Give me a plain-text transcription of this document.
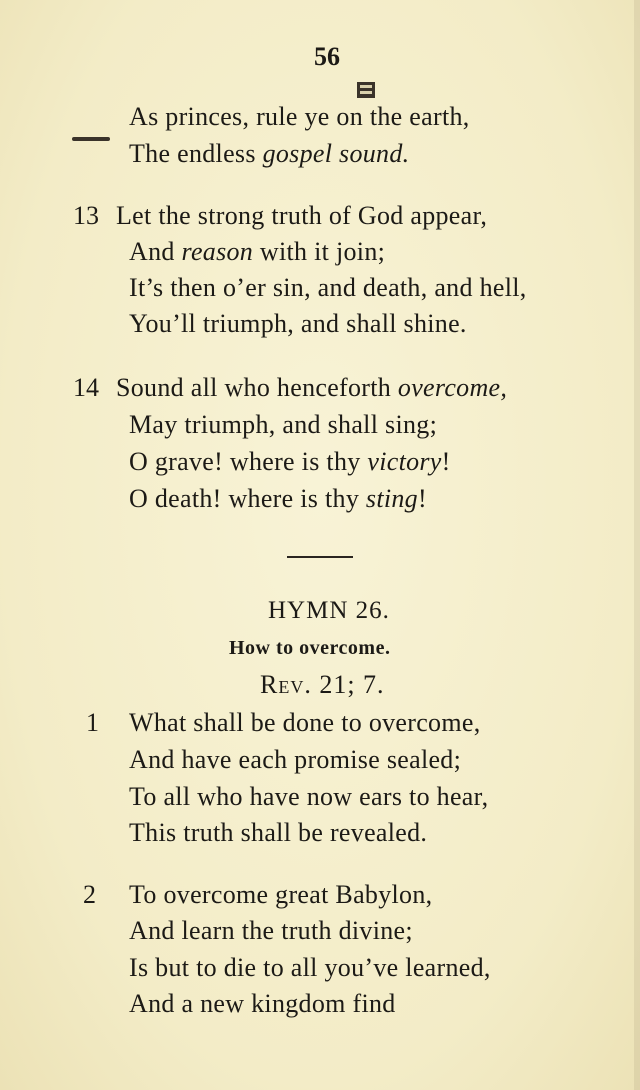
56
As princes, rule ye on the earth,
The endless gospel sound.
13 Let the strong truth of God appear,
And reason with it join;
It’s then o’er sin, and death, and hell,
You’ll triumph, and shall shine.
14 Sound all who henceforth overcome,
May triumph, and shall sing;
O grave! where is thy victory!
O death! where is thy sting!
HYMN 26.
How to overcome.
Rev. 21; 7.
1 What shall be done to overcome,
And have each promise sealed;
To all who have now ears to hear,
This truth shall be revealed.
2 To overcome great Babylon,
And learn the truth divine;
Is but to die to all you’ve learned,
And a new kingdom find
